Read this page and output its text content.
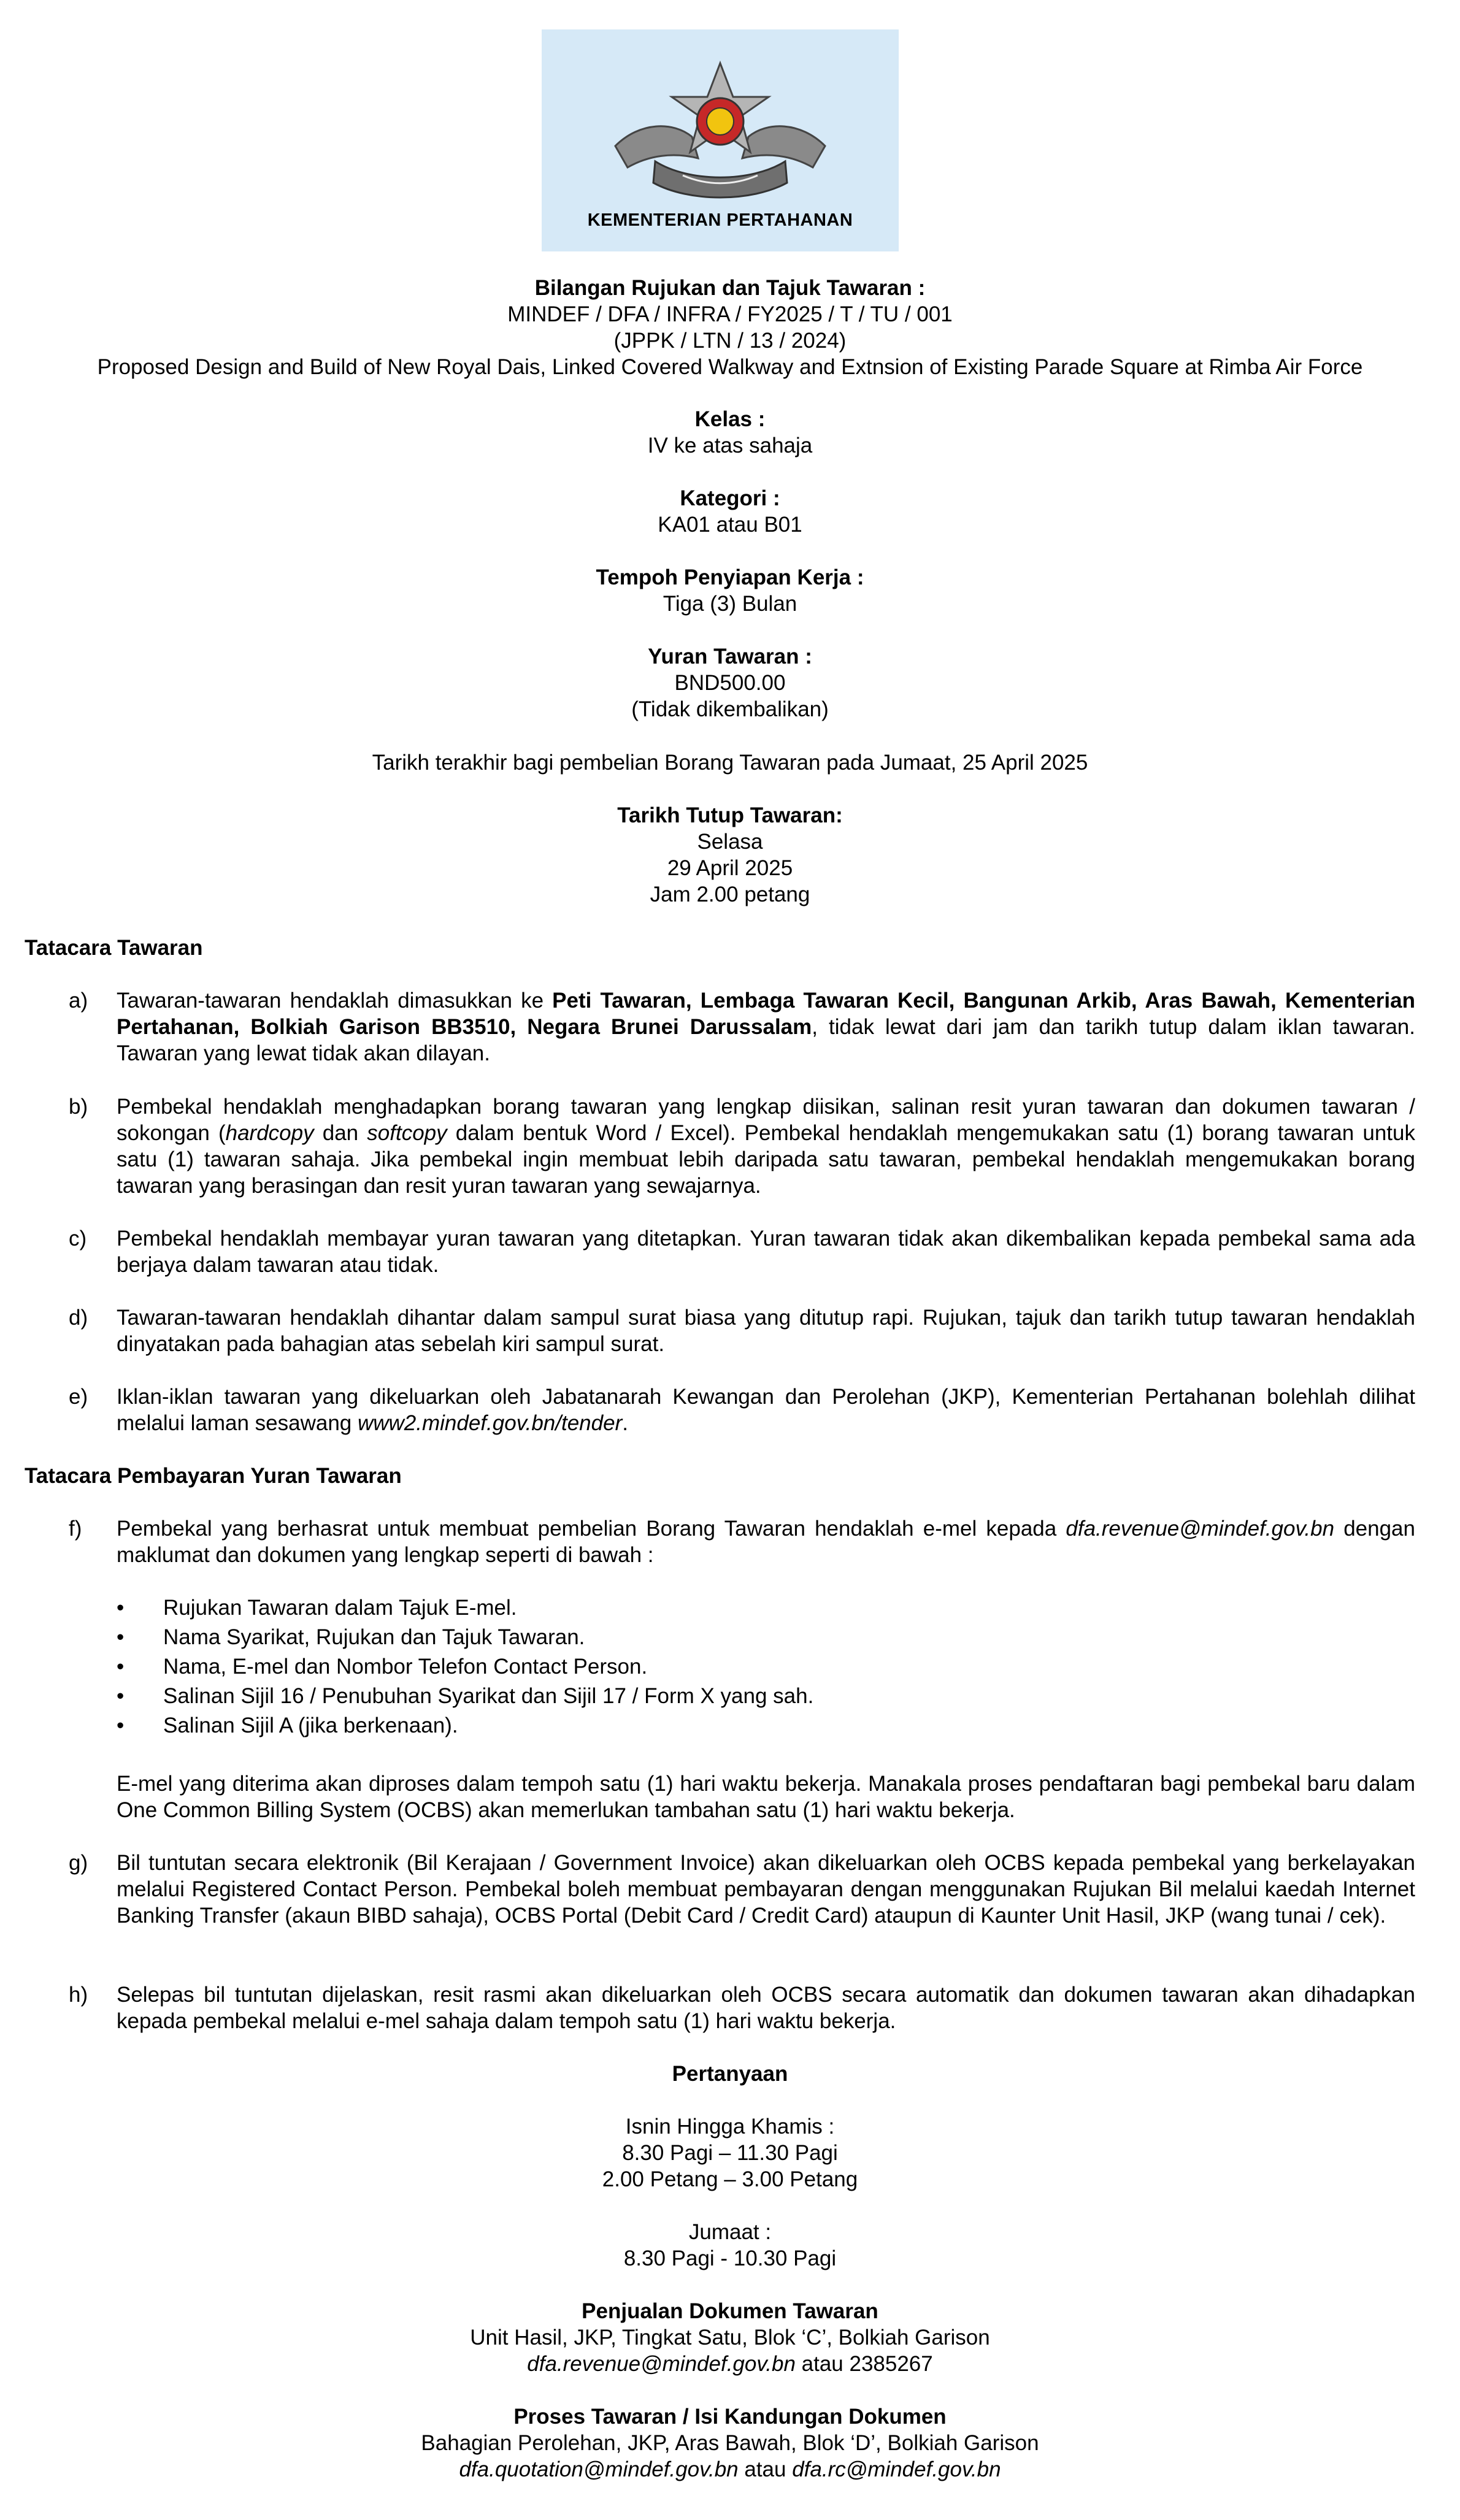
KEMENTERIAN PERTAHANAN
Bilangan Rujukan dan Tajuk Tawaran :
MINDEF / DFA / INFRA / FY2025 / T / TU / 001
(JPPK / LTN / 13 / 2024)
Proposed Design and Build of New Royal Dais, Linked Covered Walkway and Extnsion of Existing Parade Square at Rimba Air Force
Kelas :
IV ke atas sahaja
Kategori :
KA01 atau B01
Tempoh Penyiapan Kerja :
Tiga (3) Bulan
Yuran Tawaran :
BND500.00
(Tidak dikembalikan)
Tarikh terakhir bagi pembelian Borang Tawaran pada Jumaat, 25 April 2025
Tarikh Tutup Tawaran:
Selasa
29 April 2025
Jam 2.00 petang
Tatacara Tawaran
a) Tawaran-tawaran hendaklah dimasukkan ke Peti Tawaran, Lembaga Tawaran Kecil, Bangunan Arkib, Aras Bawah, Kementerian Pertahanan, Bolkiah Garison BB3510, Negara Brunei Darussalam, tidak lewat dari jam dan tarikh tutup dalam iklan tawaran. Tawaran yang lewat tidak akan dilayan.
b) Pembekal hendaklah menghadapkan borang tawaran yang lengkap diisikan, salinan resit yuran tawaran dan dokumen tawaran / sokongan (hardcopy dan softcopy dalam bentuk Word / Excel). Pembekal hendaklah mengemukakan satu (1) borang tawaran untuk satu (1) tawaran sahaja. Jika pembekal ingin membuat lebih daripada satu tawaran, pembekal hendaklah mengemukakan borang tawaran yang berasingan dan resit yuran tawaran yang sewajarnya.
c) Pembekal hendaklah membayar yuran tawaran yang ditetapkan. Yuran tawaran tidak akan dikembalikan kepada pembekal sama ada berjaya dalam tawaran atau tidak.
d) Tawaran-tawaran hendaklah dihantar dalam sampul surat biasa yang ditutup rapi. Rujukan, tajuk dan tarikh tutup tawaran hendaklah dinyatakan pada bahagian atas sebelah kiri sampul surat.
e) Iklan-iklan tawaran yang dikeluarkan oleh Jabatanarah Kewangan dan Perolehan (JKP), Kementerian Pertahanan bolehlah dilihat melalui laman sesawang www2.mindef.gov.bn/tender.
Tatacara Pembayaran Yuran Tawaran
f) Pembekal yang berhasrat untuk membuat pembelian Borang Tawaran hendaklah e-mel kepada dfa.revenue@mindef.gov.bn dengan maklumat dan dokumen yang lengkap seperti di bawah :
•	Rujukan Tawaran dalam Tajuk E-mel.
•	Nama Syarikat, Rujukan dan Tajuk Tawaran.
•	Nama, E-mel dan Nombor Telefon Contact Person.
•	Salinan Sijil 16 / Penubuhan Syarikat dan Sijil 17 / Form X yang sah.
•	Salinan Sijil A (jika berkenaan).
E-mel yang diterima akan diproses dalam tempoh satu (1) hari waktu bekerja. Manakala proses pendaftaran bagi pembekal baru dalam One Common Billing System (OCBS) akan memerlukan tambahan satu (1) hari waktu bekerja.
g) Bil tuntutan secara elektronik (Bil Kerajaan / Government Invoice) akan dikeluarkan oleh OCBS kepada pembekal yang berkelayakan melalui Registered Contact Person. Pembekal boleh membuat pembayaran dengan menggunakan Rujukan Bil melalui kaedah Internet Banking Transfer (akaun BIBD sahaja), OCBS Portal (Debit Card / Credit Card) ataupun di Kaunter Unit Hasil, JKP (wang tunai / cek).
h) Selepas bil tuntutan dijelaskan, resit rasmi akan dikeluarkan oleh OCBS secara automatik dan dokumen tawaran akan dihadapkan kepada pembekal melalui e-mel sahaja dalam tempoh satu (1) hari waktu bekerja.
Pertanyaan
Isnin Hingga Khamis :
8.30 Pagi – 11.30 Pagi
2.00 Petang – 3.00 Petang
Jumaat :
8.30 Pagi - 10.30 Pagi
Penjualan Dokumen Tawaran
Unit Hasil, JKP, Tingkat Satu, Blok ‘C’, Bolkiah Garison
dfa.revenue@mindef.gov.bn atau 2385267
Proses Tawaran / Isi Kandungan Dokumen
Bahagian Perolehan, JKP, Aras Bawah, Blok ‘D’, Bolkiah Garison
dfa.quotation@mindef.gov.bn atau dfa.rc@mindef.gov.bn
